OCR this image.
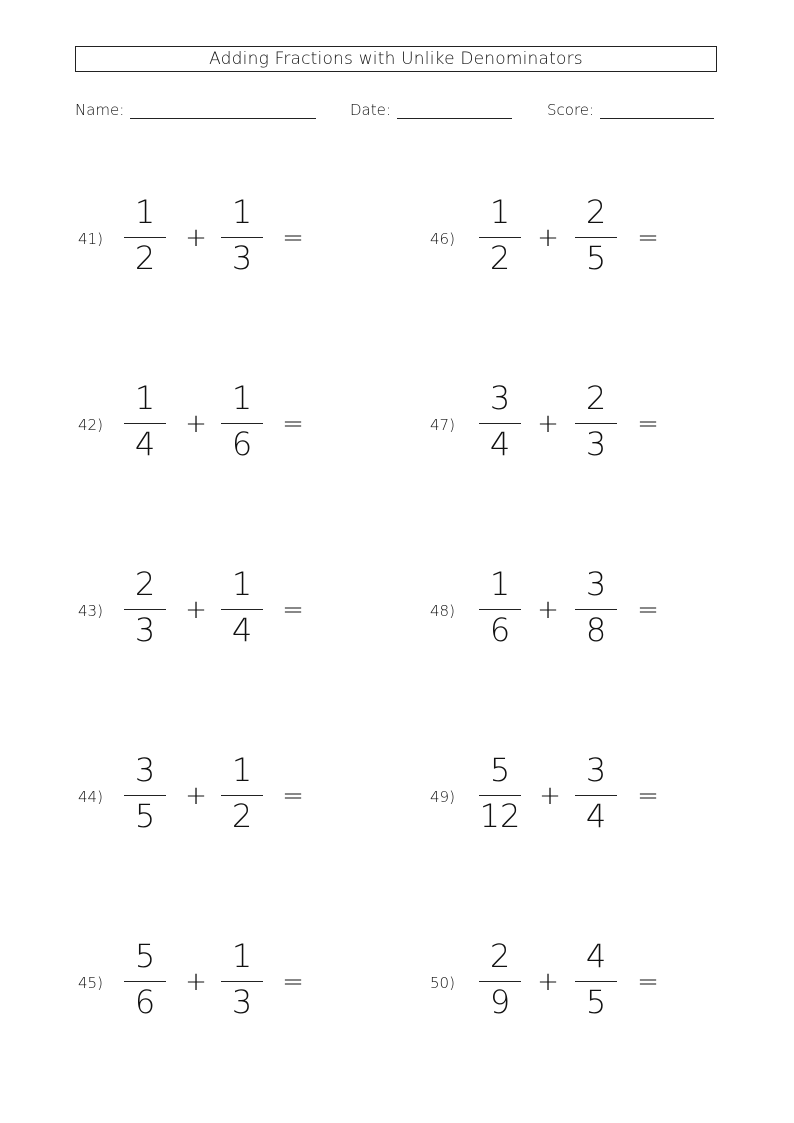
Adding Fractions with Unlike Denominators
Name:	Date:	Score:
41)
1
2
+
1
3
=
42)
1
4
+
1
6
=
43)
2
3
+
1
4
=
44)
3
5
+
1
2
=
45)
5
6
+
1
3
=
46)
1
2
+
2
5
=
47)
3
4
+
2
3
=
48)
1
6
+
3
8
=
49)
5
12
+
3
4
=
50)
2
9
+
4
5
=
